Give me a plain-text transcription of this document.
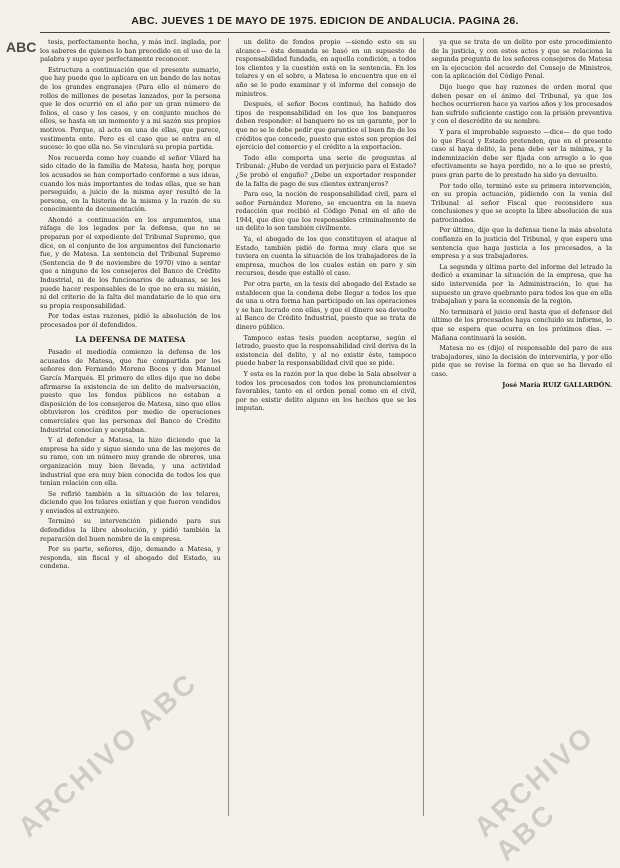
ABC
ABC. JUEVES 1 DE MAYO DE 1975. EDICION DE ANDALUCIA. PAGINA 26.

tesis, perfectamente hecha, y más incl. inglada, por los saberes de quienes lo han precedido en el uso de la palabra y supo ayer perfectamente reconocer.

Estructura a continuación que el presente sumario, que hay puede que lo aplicara en un bando de las notas de los grandes engranajes (Para ello el número de rollos de millones de pesetas lanzados, por la persona que le dos ocurrió en el año por un gran número de folios, el caso y los casos, y en conjunto muchos de ellos, se hasta en un momento y a mi sazón sus propios motivos. Porque, al acto en una de ellas, que parece, vestimenta ente. Pero es el caso que se entra en el suceso: lo que ella no. Se vinculará su propia partida.

Nos recuerda como hoy cuando el señor Vilard ha sido citado de la familia de Matesa, hasta hoy, porque los acusados se han comportado conforme a sus ideas, cuando los más importantes de todas ellas, que se han perseguido, a juicio de la misma ayer resultó de la persona, en la historia de la misma y la razón de su conocimiento de documentación.

Ahondó a continuación en los argumentos, una ráfaga de los legados por la defensa, que no se preparan por el expediente del Tribunal Supremo, que dice, en el conjunto de los argumentos del funcionario fue, y de Matesa. La sentencia del Tribunal Supremo (Sentencia de 9 de noviembre de 1970) vino a sentar que a ninguno de los consejeros del Banco de Crédito Industrial, ni de los funcionarios de aduanas, se les puede hacer responsables de lo que no era su misión, ni del criterio de la falta del mandatario de lo que era su propia responsabilidad.

Por todas estas razones, pidió la absolución de los procesados por él defendidos.

LA DEFENSA DE MATESA

Pasado el mediodía comienzo la defensa de los acusados de Matesa, que fue compartida por los señores don Fernando Moreno Bocos y don Manuel García Marqués. El primero de ellos dijo que no debe afirmarse la existencia de un delito de malversación, puesto que los fondos públicos no estaban a disposición de los consejeros de Matesa, sino que ellos obtuvieron los créditos por medio de operaciones comerciales que las personas del Banco de Crédito Industrial conocían y aceptaban.

Y al defender a Matesa, la hizo diciendo que la empresa ha sido y sigue siendo una de las mejores de su ramo, con un número muy grande de obreros, una organización muy bien llevada, y una actividad industrial que era muy bien conocida de todos los que tenían relación con ella.

Se refirió también a la situación de los telares, diciendo que los telares existían y que fueron vendidos y enviados al extranjero.

Terminó su intervención pidiendo para sus defendidos la libre absolución, y pidió también la reparación del buen nombre de la empresa.

Por su parte, señores, dijo, demando a Matesa, y responda, sin fiscal y el abogado del Estado, su condena.

un delito de fondos propio —siendo esto en su alcance— ésta demanda se basó en un supuesto de responsabilidad fundada, en aquella condición, a todos los clientes y la cuestión está en la sentencia. En los telares y en el sobre, a Matesa le encuentra que en el año se le pudo examinar y el informe del consejo de ministros.

Después, el señor Bocos continuó, ha habido dos tipos de responsabilidad en los que los banqueros deben responder: el banquero no es un garante, por lo que no se le debe pedir que garantice el buen fin de los créditos que concede, puesto que estos son propios del ejercicio del comercio y el crédito a la exportación.

Todo ello comporta una serie de preguntas al Tribunal: ¿Hubo de verdad un perjuicio para el Estado? ¿Se probó el engaño? ¿Debe un exportador responder de la falta de pago de sus clientes extranjeros?

Para eso, la noción de responsabilidad civil, para el señor Fernández Moreno, se encuentra en la nueva redacción que recibió el Código Penal en el año de 1944, que dice que los responsables criminalmente de un delito lo son también civilmente.

Ya, el abogado de los que constituyen el ataque al Estado, también pidió de forma muy clara que se tuviera en cuenta la situación de los trabajadores de la empresa, muchos de los cuales están en paro y sin recursos, desde que estalló el caso.

Por otra parte, en la tesis del abogado del Estado se establecen que la condena debe llegar a todos los que de una u otra forma han participado en las operaciones y se han lucrado con ellas, y que el dinero sea devuelto al Banco de Crédito Industrial, puesto que se trata de dinero público.

Tampoco estas tesis pueden aceptarse, según el letrado, puesto que la responsabilidad civil deriva de la existencia del delito, y al no existir éste, tampoco puede haber la responsabilidad civil que se pide.

Y esta es la razón por la que debe la Sala absolver a todos los procesados con todos los pronunciamientos favorables, tanto en el orden penal como en el civil, por no existir delito alguno en los hechos que se les imputan.

ya que se trata de un delito por este procedimiento de la justicia, y con estos actos y que se relaciona la segunda pregunta de los señores consejeros de Matesa en la ejecución del acuerdo del Consejo de Ministros, con la aplicación del Código Penal.

Dijo luego que hay razones de orden moral que deben pesar en el ánimo del Tribunal, ya que los hechos ocurrieron hace ya varios años y los procesados han sufrido suficiente castigo con la prisión preventiva y con el descrédito de su nombre.

Y para el improbable supuesto —dice— de que todo lo que Fiscal y Estado pretenden, que en el presente caso sí haya delito, la pena debe ser la mínima, y la indemnización debe ser fijada con arreglo a lo que efectivamente se haya perdido, no a lo que se prestó, pues gran parte de lo prestado ha sido ya devuelto.

Por todo ello, terminó este su primera intervención, en su propia actuación, pidiendo con la venia del Tribunal al señor Fiscal que reconsidere sus conclusiones y que se acepte la libre absolución de sus patrocinados.

Por último, dijo que la defensa tiene la más absoluta confianza en la justicia del Tribunal, y que espera una sentencia que haga justicia a los procesados, a la empresa y a sus trabajadores.

La segunda y última parte del informe del letrado la dedicó a examinar la situación de la empresa, que ha sido intervenida por la Administración, lo que ha supuesto un grave quebranto para todos los que en ella trabajaban y para la economía de la región.

No terminará el juicio oral hasta que el defensor del último de los procesados haya concluido su informe, lo que se espera que ocurra en los próximos días. — Mañana continuará la sesión.

Matesa no es (dijo) el responsable del paro de sus trabajadores, sino la decisión de intervenirla, y por ello pide que se revise la forma en que se ha llevado el caso.

José María RUIZ GALLARDÓN.

ARCHIVO ABC	ARCHIVO ABC
